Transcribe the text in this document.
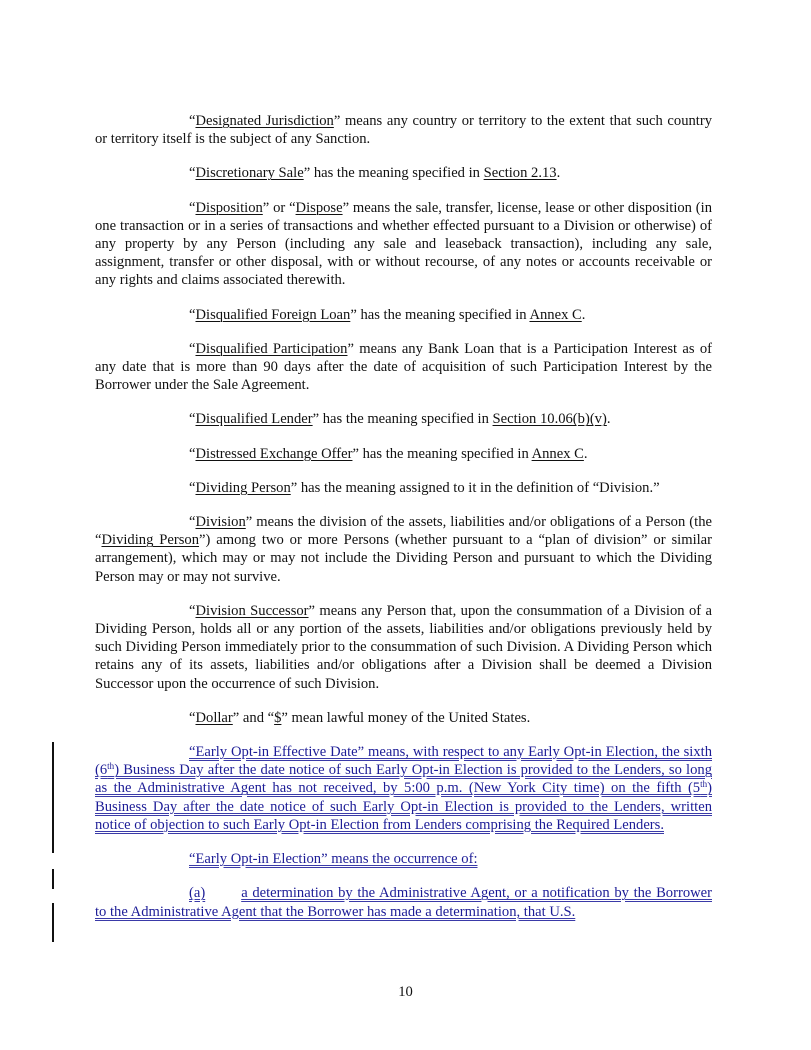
“Designated Jurisdiction” means any country or territory to the extent that such country or territory itself is the subject of any Sanction.

“Discretionary Sale” has the meaning specified in Section 2.13.

“Disposition” or “Dispose” means the sale, transfer, license, lease or other disposition (in one transaction or in a series of transactions and whether effected pursuant to a Division or otherwise) of any property by any Person (including any sale and leaseback transaction), including any sale, assignment, transfer or other disposal, with or without recourse, of any notes or accounts receivable or any rights and claims associated therewith.

“Disqualified Foreign Loan” has the meaning specified in Annex C.

“Disqualified Participation” means any Bank Loan that is a Participation Interest as of any date that is more than 90 days after the date of acquisition of such Participation Interest by the Borrower under the Sale Agreement.

“Disqualified Lender” has the meaning specified in Section 10.06(b)(v).

“Distressed Exchange Offer” has the meaning specified in Annex C.

“Dividing Person” has the meaning assigned to it in the definition of “Division.”

“Division” means the division of the assets, liabilities and/or obligations of a Person (the “Dividing Person”) among two or more Persons (whether pursuant to a “plan of division” or similar arrangement), which may or may not include the Dividing Person and pursuant to which the Dividing Person may or may not survive.

“Division Successor” means any Person that, upon the consummation of a Division of a Dividing Person, holds all or any portion of the assets, liabilities and/or obligations previously held by such Dividing Person immediately prior to the consummation of such Division. A Dividing Person which retains any of its assets, liabilities and/or obligations after a Division shall be deemed a Division Successor upon the occurrence of such Division.

“Dollar” and “$” mean lawful money of the United States.

“Early Opt-in Effective Date” means, with respect to any Early Opt-in Election, the sixth (6th) Business Day after the date notice of such Early Opt-in Election is provided to the Lenders, so long as the Administrative Agent has not received, by 5:00 p.m. (New York City time) on the fifth (5th) Business Day after the date notice of such Early Opt-in Election is provided to the Lenders, written notice of objection to such Early Opt-in Election from Lenders comprising the Required Lenders.

“Early Opt-in Election” means the occurrence of:

(a) a determination by the Administrative Agent, or a notification by the Borrower to the Administrative Agent that the Borrower has made a determination, that U.S.

10
